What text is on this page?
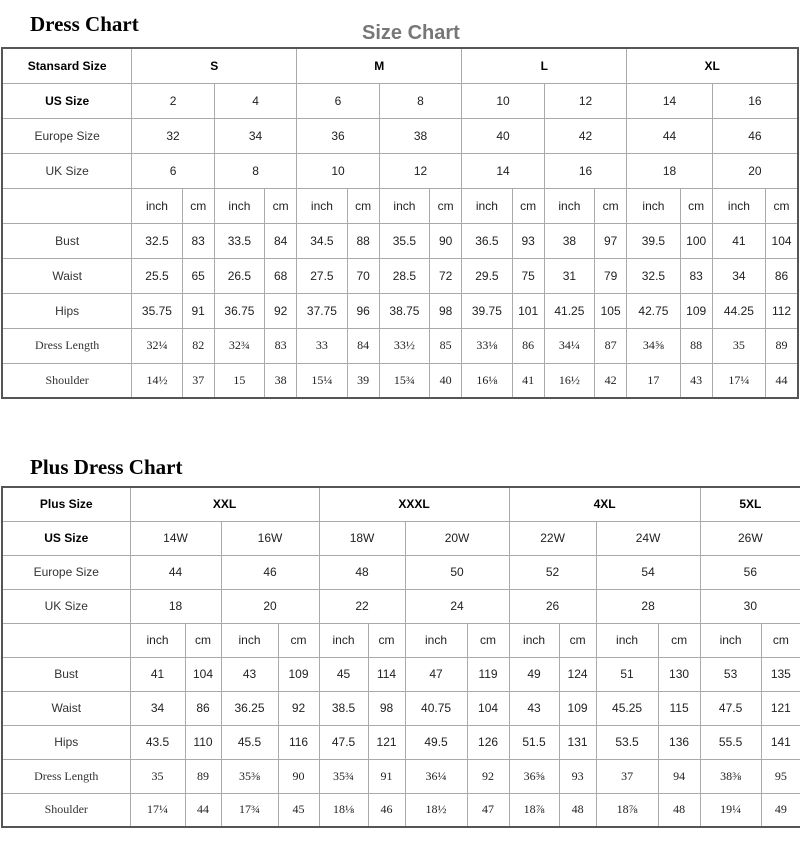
Dress Chart	Size Chart
Stansard Size	S				M				L				XL			
US Size	2		4		6		8		10		12		14		16	
Europe Size	32		34		36		38		40		42		44		46	
UK Size	6		8		10		12		14		16		18		20	
	inch	cm	inch	cm	inch	cm	inch	cm	inch	cm	inch	cm	inch	cm	inch	cm
Bust	32.5	83	33.5	84	34.5	88	35.5	90	36.5	93	38	97	39.5	100	41	104
Waist	25.5	65	26.5	68	27.5	70	28.5	72	29.5	75	31	79	32.5	83	34	86
Hips	35.75	91	36.75	92	37.75	96	38.75	98	39.75	101	41.25	105	42.75	109	44.25	112
Dress Length	32¼	82	32¾	83	33	84	33½	85	33⅛	86	34¼	87	34⅝	88	35	89
Shoulder	14½	37	15	38	15¼	39	15¾	40	16⅛	41	16½	42	17	43	17¼	44
Plus Dress Chart
Plus Size	XXL				XXXL				4XL				5XL	
US Size	14W		16W		18W		20W		22W		24W		26W	
Europe Size	44		46		48		50		52		54		56	
UK Size	18		20		22		24		26		28		30	
	inch	cm	inch	cm	inch	cm	inch	cm	inch	cm	inch	cm	inch	cm
Bust	41	104	43	109	45	114	47	119	49	124	51	130	53	135
Waist	34	86	36.25	92	38.5	98	40.75	104	43	109	45.25	115	47.5	121
Hips	43.5	110	45.5	116	47.5	121	49.5	126	51.5	131	53.5	136	55.5	141
Dress Length	35	89	35⅜	90	35¾	91	36¼	92	36⅝	93	37	94	38⅜	95
Shoulder	17¼	44	17¾	45	18⅛	46	18½	47	18⅞	48	18⅞	48	19¼	49
